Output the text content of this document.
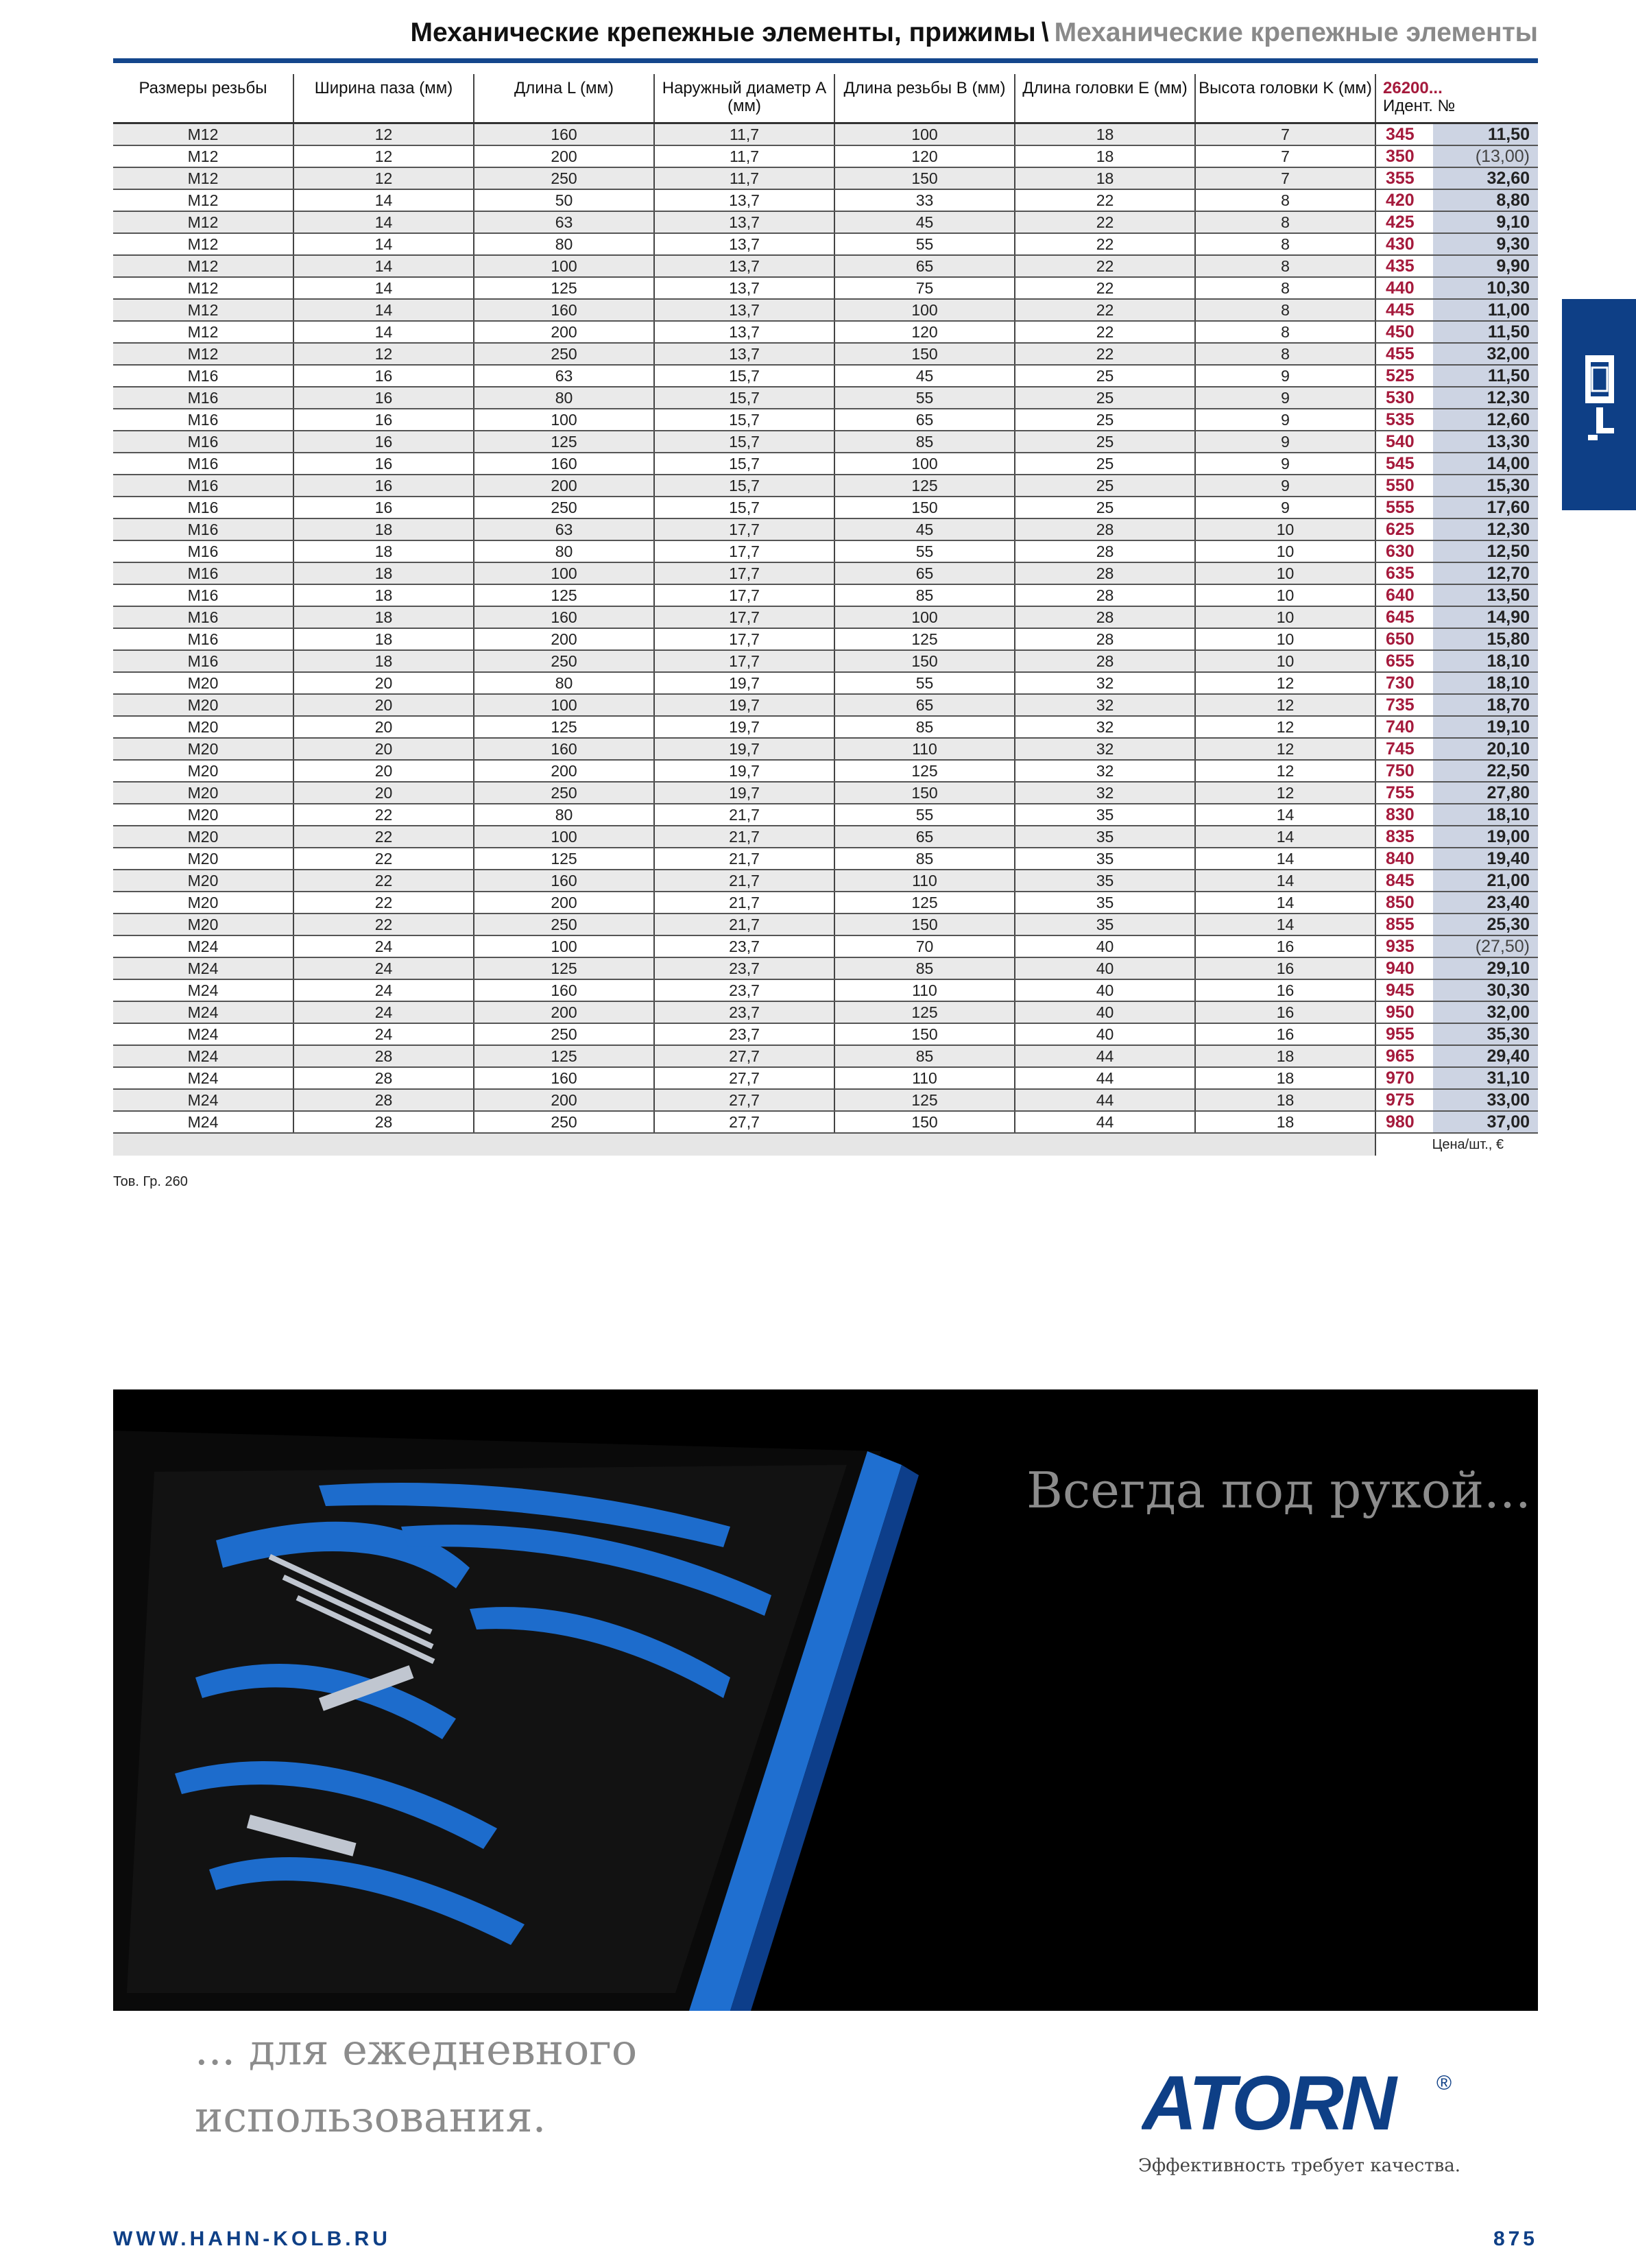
Механические крепежные элементы, прижимы \ Механические крепежные элементы
Размеры резьбы	Ширина паза (мм)	Длина L (мм)	Наружный диаметр А (мм)	Длина резьбы B (мм)	Длина головки E (мм)	Высота головки K (мм)	26200...
Идент. №	
M12	12	160	11,7	100	18	7	345	11,50
M12	12	200	11,7	120	18	7	350	(13,00)
M12	12	250	11,7	150	18	7	355	32,60
M12	14	50	13,7	33	22	8	420	8,80
M12	14	63	13,7	45	22	8	425	9,10
M12	14	80	13,7	55	22	8	430	9,30
M12	14	100	13,7	65	22	8	435	9,90
M12	14	125	13,7	75	22	8	440	10,30
M12	14	160	13,7	100	22	8	445	11,00
M12	14	200	13,7	120	22	8	450	11,50
M12	12	250	13,7	150	22	8	455	32,00
M16	16	63	15,7	45	25	9	525	11,50
M16	16	80	15,7	55	25	9	530	12,30
M16	16	100	15,7	65	25	9	535	12,60
M16	16	125	15,7	85	25	9	540	13,30
M16	16	160	15,7	100	25	9	545	14,00
M16	16	200	15,7	125	25	9	550	15,30
M16	16	250	15,7	150	25	9	555	17,60
M16	18	63	17,7	45	28	10	625	12,30
M16	18	80	17,7	55	28	10	630	12,50
M16	18	100	17,7	65	28	10	635	12,70
M16	18	125	17,7	85	28	10	640	13,50
M16	18	160	17,7	100	28	10	645	14,90
M16	18	200	17,7	125	28	10	650	15,80
M16	18	250	17,7	150	28	10	655	18,10
M20	20	80	19,7	55	32	12	730	18,10
M20	20	100	19,7	65	32	12	735	18,70
M20	20	125	19,7	85	32	12	740	19,10
M20	20	160	19,7	110	32	12	745	20,10
M20	20	200	19,7	125	32	12	750	22,50
M20	20	250	19,7	150	32	12	755	27,80
M20	22	80	21,7	55	35	14	830	18,10
M20	22	100	21,7	65	35	14	835	19,00
M20	22	125	21,7	85	35	14	840	19,40
M20	22	160	21,7	110	35	14	845	21,00
M20	22	200	21,7	125	35	14	850	23,40
M20	22	250	21,7	150	35	14	855	25,30
M24	24	100	23,7	70	40	16	935	(27,50)
M24	24	125	23,7	85	40	16	940	29,10
M24	24	160	23,7	110	40	16	945	30,30
M24	24	200	23,7	125	40	16	950	32,00
M24	24	250	23,7	150	40	16	955	35,30
M24	28	125	27,7	85	44	18	965	29,40
M24	28	160	27,7	110	44	18	970	31,10
M24	28	200	27,7	125	44	18	975	33,00
M24	28	250	27,7	150	44	18	980	37,00
							Цена/шт., €	
Тов. Гр. 260
Всегда под рукой...
... для ежедневного
использования.	ATORN ®
Эффективность требует качества.
WWW.HAHN-KOLB.RU	875
